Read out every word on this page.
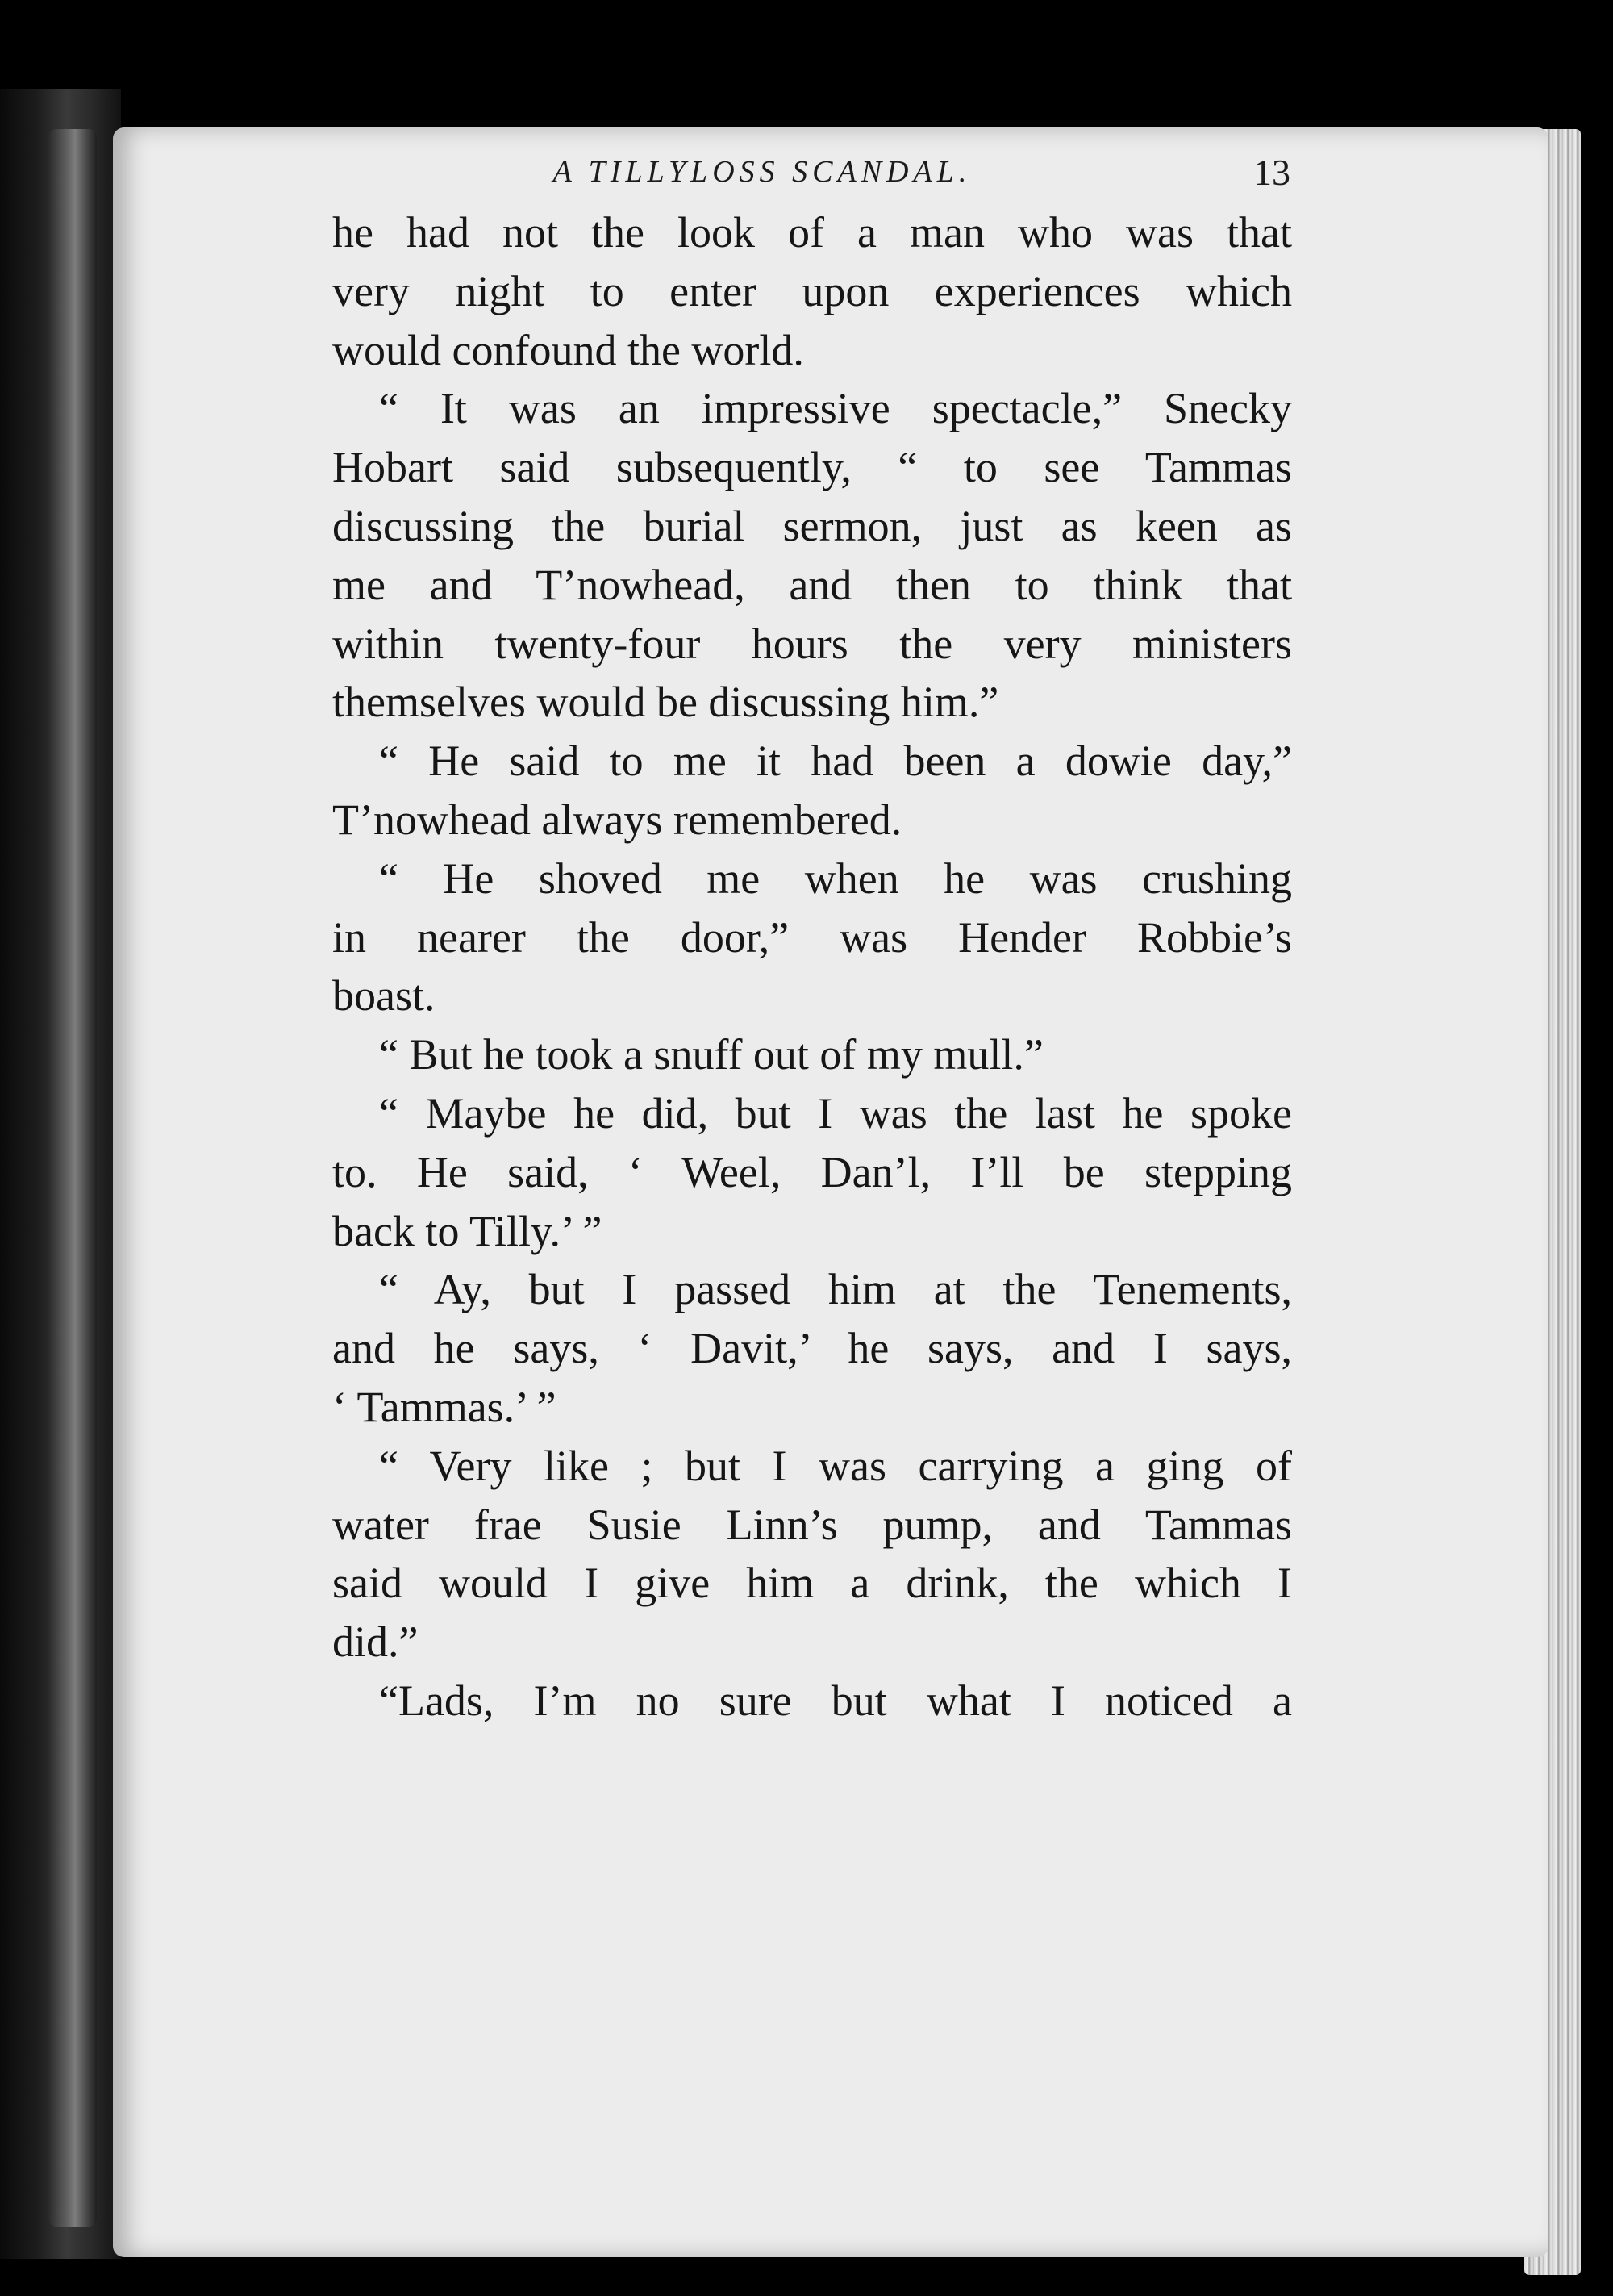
A TILLYLOSS SCANDAL.	13
he had not the look of a man who was that
very night to enter upon experiences which
would confound the world.
“ It was an impressive spectacle,” Snecky
Hobart said subsequently, “ to see Tammas
discussing the burial sermon, just as keen as
me and T’nowhead, and then to think that
within twenty-four hours the very ministers
themselves would be discussing him.”
“ He said to me it had been a dowie day,”
T’nowhead always remembered.
“ He shoved me when he was crushing
in nearer the door,” was Hender Robbie’s
boast.
“ But he took a snuff out of my mull.”
“ Maybe he did, but I was the last he spoke
to. He said, ‘ Weel, Dan’l, I’ll be stepping
back to Tilly.’ ”
“ Ay, but I passed him at the Tenements,
and he says, ‘ Davit,’ he says, and I says,
‘ Tammas.’ ”
“ Very like ; but I was carrying a ging of
water frae Susie Linn’s pump, and Tammas
said would I give him a drink, the which I
did.”
“Lads, I’m no sure but what I noticed a
